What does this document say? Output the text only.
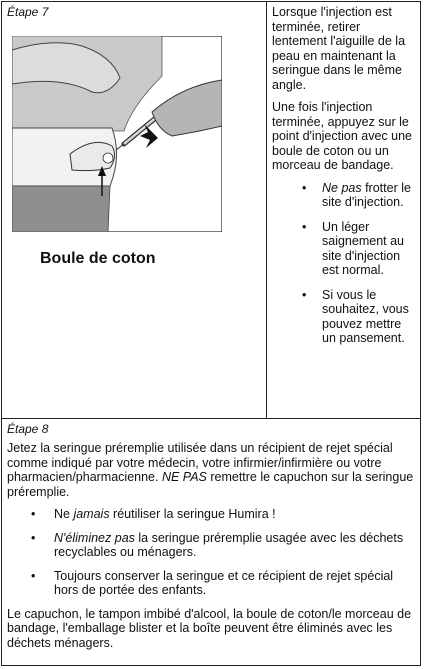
Étape 7
Boule de coton

Lorsque l'injection est terminée, retirer lentement l'aiguille de la peau en maintenant la seringue dans le même angle.

Une fois l'injection terminée, appuyez sur le point d'injection avec une boule de coton ou un morceau de bandage.

• Ne pas frotter le site d'injection.
• Un léger saignement au site d'injection est normal.
• Si vous le souhaitez, vous pouvez mettre un pansement.
Étape 8

Jetez la seringue préremplie utilisée dans un récipient de rejet spécial comme indiqué par votre médecin, votre infirmier/infirmière ou votre pharmacien/pharmacienne. NE PAS remettre le capuchon sur la seringue préremplie.

• Ne jamais réutiliser la seringue Humira !
• N'éliminez pas la seringue préremplie usagée avec les déchets recyclables ou ménagers.
• Toujours conserver la seringue et ce récipient de rejet spécial hors de portée des enfants.

Le capuchon, le tampon imbibé d'alcool, la boule de coton/le morceau de bandage, l'emballage blister et la boîte peuvent être éliminés avec les déchets ménagers.
